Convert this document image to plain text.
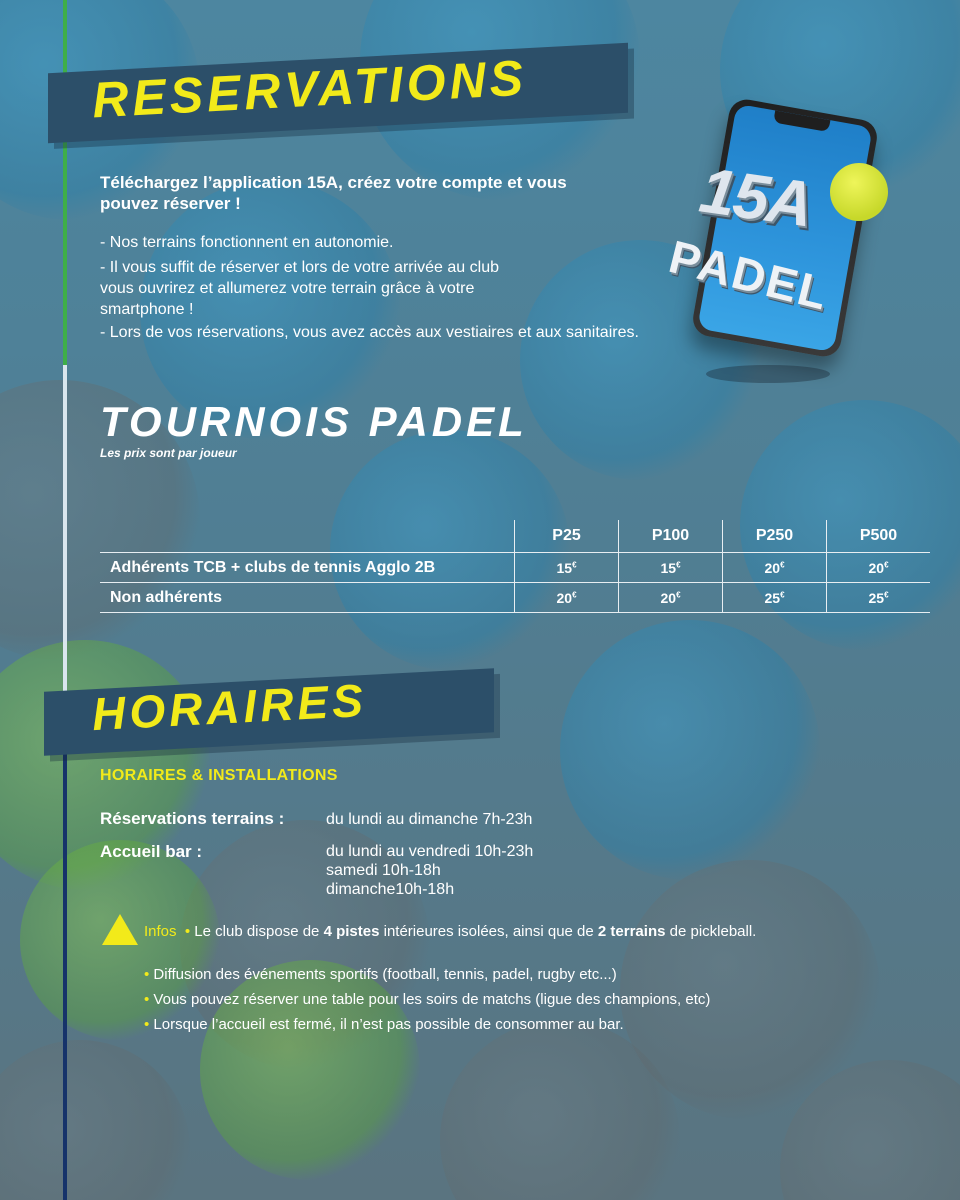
RESERVATIONS
Téléchargez l’application 15A, créez votre compte et vous pouvez réserver !
- Nos terrains fonctionnent en autonomie.
- Il vous suffit de réserver et lors de votre arrivée au club vous ouvrirez et allumerez votre terrain grâce à votre smartphone !
- Lors de vos réservations, vous avez accès aux vestiaires et aux sanitaires.
15A
PADEL
TOURNOIS PADEL
Les prix sont par joueur
	P25	P100	P250	P500
Adhérents TCB + clubs de tennis Agglo 2B	15€	15€	20€	20€
Non adhérents	20€	20€	25€	25€
HORAIRES
HORAIRES & INSTALLATIONS
Réservations terrains :	du lundi au dimanche 7h-23h
Accueil bar :	du lundi au vendredi 10h-23h
samedi 10h-18h
dimanche10h-18h
Infos  • Le club dispose de 4 pistes intérieures isolées, ainsi que de 2 terrains de pickleball.
• Diffusion des événements sportifs (football, tennis, padel, rugby etc...)
• Vous pouvez réserver une table pour les soirs de matchs (ligue des champions, etc)
• Lorsque l’accueil est fermé, il n’est pas possible de consommer au bar.
